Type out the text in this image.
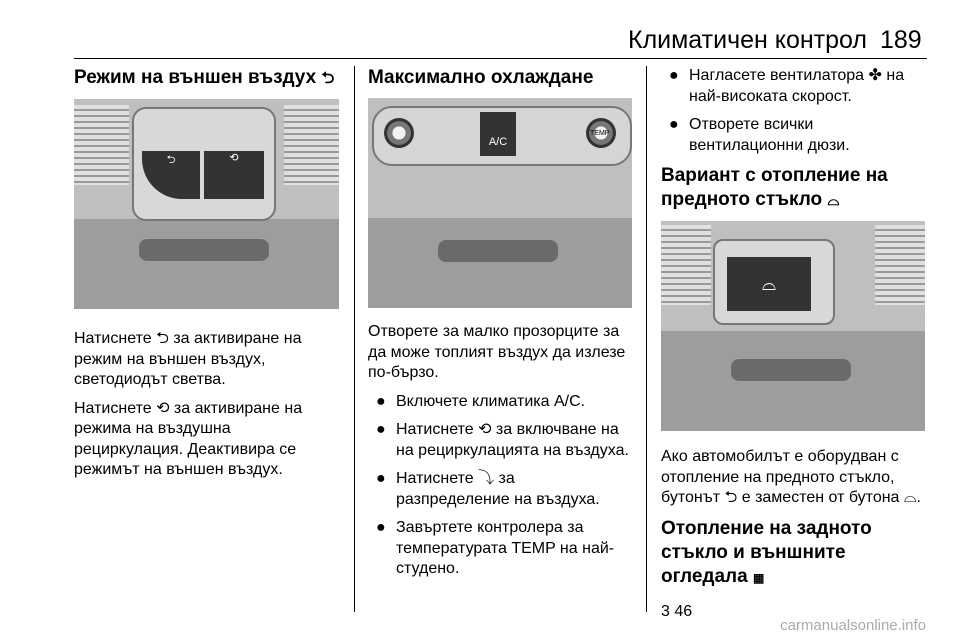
Климатичен контрол 189

Режим на външен въздух ⮌

⮌	⟲

Натиснете ⮌ за активиране на режим на външен въздух, светодиодът светва.

Натиснете ⟲ за активиране на режима на въздушна рециркулация. Деактивира се режимът на външен въздух.

Максимално охлаждане

A/C
TEMP

Отворете за малко прозорците за да може топлият въздух да излезе по-бързо.

● Включете климатика A/C.
● Натиснете ⟲ за включване на на рециркулацията на въздуха.
● Натиснете ⤵ за разпределение на въздуха.
● Завъртете контролера за температурата TEMP на най- студено.
● Нагласете вентилатора ✤ на най-високата скорост.
● Отворете всички вентилационни дюзи.

Вариант с отопление на предното стъкло ⌓

⌓

Ако автомобилът е оборудван с отопление на предното стъкло, бутонът ⮌ е заместен от бутона ⌓.

Отопление на задното стъкло и външните огледала ▦

3 46

carmanualsonline.info
